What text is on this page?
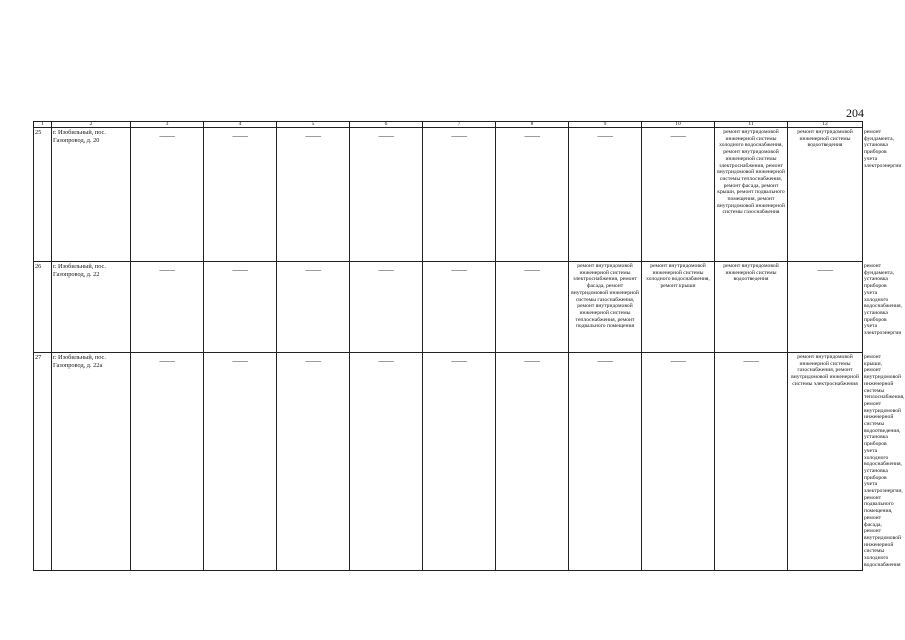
204
1	2	3	4	5	6	7	8	9	10	11	12	
25	г. Изобильный, пос. Газопровод, д. 20	——	——	——	——	——	——	——	——	ремонт внутридомовой инженерной системы холодного водоснабжения, ремонт внутридомовой инженерной системы электроснабжения, ремонт внутридомовой инженерной системы теплоснабжения, ремонт фасада, ремонт крыши, ремонт подвального помещения, ремонт внутридомовой инженерной системы газоснабжения	ремонт внутридомовой инженерной системы водоотведения	ремонт фундамента, установка приборов учета электроэнергии
26	г. Изобильный, пос. Газопровод, д. 22	——	——	——	——	——	——	ремонт внутридомовой инженерной системы электроснабжения, ремонт фасада, ремонт внутридомовой инженерной системы газоснабжения, ремонт внутридомовой инженерной системы теплоснабжения, ремонт подвального помещения	ремонт внутридомовой инженерной системы холодного водоснабжения, ремонт крыши	ремонт внутридомовой инженерной системы водоотведения	——	ремонт фундамента, установка приборов учета холодного водоснабжения, установка приборов учета электроэнергии
27	г. Изобильный, пос. Газопровод, д. 22а	——	——	——	——	——	——	——	——	——	ремонт внутридомовой инженерной системы газоснабжения, ремонт внутридомовой инженерной системы электроснабжения	ремонт крыши, ремонт внутридомовой инженерной системы теплоснабжения, ремонт внутридомовой инженерной системы водоотведения, установка приборов учета холодного водоснабжения, установка приборов учета электроэнергии, ремонт подвального помещения, ремонт фасада, ремонт внутридомовой инженерной системы холодного водоснабжения
